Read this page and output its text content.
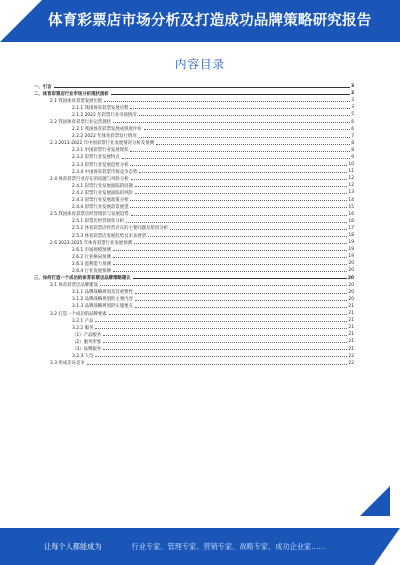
体育彩票店市场分析及打造成功品牌策略研究报告
内容目录
一、引言	3
二、体育彩票店行业市场分析现状剖析	3
2.1 我国体育彩票发展历程	3
2.1.1 我国体育彩票发展历程	3
2.1.2 2022 年彩票行业市场情况	5
2.2 我国体育彩票行业运营现状	6
2.2.1 我国体育彩票发展成熟度评价	6
2.2.2 2022 年体育彩票发行情况	7
2.3 2013-2022 年中国彩票行业发展情况分析及预测	8
2.3.1 中国彩票行业发展现状	8
2.3.2 彩票行业发展特点	9
2.3.3 彩票行业发展趋势分析	10
2.3.4 中国体育彩票市场竞争态势	11
2.4 体育彩票行业存在的问题与风险分析	12
2.4.1 彩票行业发展面临的问题	12
2.4.2 彩票行业发展面临的风险	13
2.4.3 彩票行业发展政策分析	14
2.4.4 彩票行业发展前景展望	15
2.5 我国体育彩票店经营现状与发展趋势	16
2.5.1 彩票店经营现状分析	16
2.5.2 体育彩票店经营存在的主要问题及原因分析	17
2.5.3 体育彩票店发展趋势及未来展望	18
2.6 2023-2025 年体育彩票行业发展预测	19
2.6.1 市场规模预测	19
2.6.2 行业格局预测	19
2.6.3 盈利能力预测	20
2.6.4 行业发展预测	20
三、如何打造一个成功的体育彩票店品牌策略建议	20
3.1 体育彩票店品牌建设	20
3.1.1 品牌战略规划及其重要性	20
3.1.2 品牌战略规划的主要内容	20
3.1.3 品牌战略规划的实施要点	21
3.2 打造一个成功的品牌要素	21
3.2.1 产品	21
3.2.2 服务	21
（1）产品服务	21
（2）服务形象	21
（3）品牌服务	21
3.2.3 人员	22
3.3 形成差异竞争	22
让每个人都能成为	行业专家、管理专家、营销专家、战略专家、成功企业家……
